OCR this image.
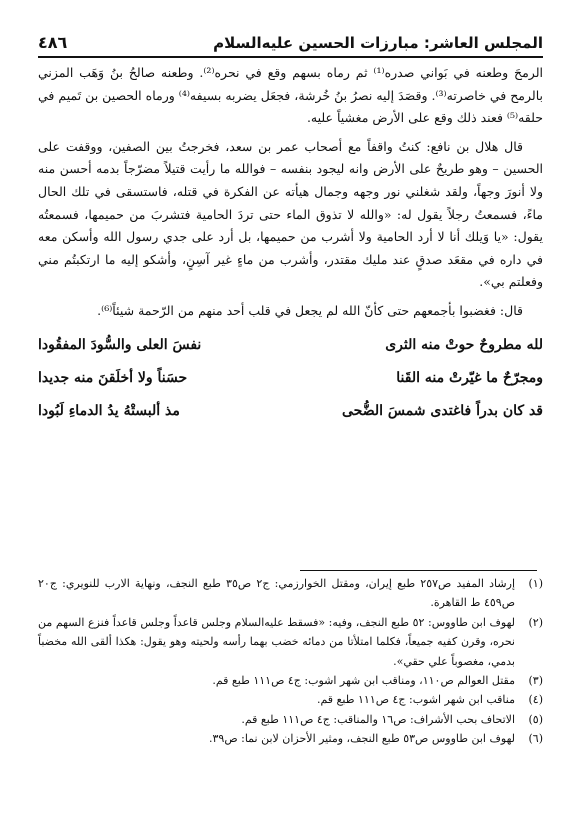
المجلس العاشر: مبارزات الحسين عليه‌السلام
٤٨٦

الرمحَ وطعنه في بَواني صدره⁽¹⁾ ثم رماه بسهم وقع في نحره⁽²⁾. وطعنه صالحُ بنُ وَهَب المزني بالرمح في خاصرته⁽³⁾. وقصَدَ إليه نصرُ بنُ خُرشة، فجعَل يضربه بسيفه⁽⁴⁾ ورماه الحصين بن تَميم في حلقه⁽⁵⁾ فعند ذلك وقع على الأرض مغشياً عليه.

قال هلال بن نافع: كنتُ واقفاً مع أصحاب عمر بن سعد، فخرجتُ بين الصفين، ووقفت على الحسين – وهو طريحٌ على الأرض وانه ليجود بنفسه – فوالله ما رأيت قتيلاً مضرّجاً بدمه أحسن منه ولا أنورَ وجهاً، ولقد شغلني نور وجهه وجمال هيأته عن الفكرة في قتله، فاستسقى في تلك الحال ماءً، فسمعتُ رجلاً يقول له: «والله لا تذوق الماء حتى تردَ الحامية فتشربَ من حميمها، فسمعتُه يقول: «يا وَيلك أنا لا أرد الحامية ولا أشرب من حميمها، بل أرد على جدي رسول الله وأسكن معه في داره في مقعَد صدقٍ عند مليك مقتدر، وأشرب من ماءٍ غير آسِنٍ، وأشكو إليه ما ارتكبتُم مني وفعلتم بي».

قال: فغضبوا بأجمعهم حتى كأنّ الله لم يجعل في قلب أحد منهم من الرّحمة شيئاً⁽⁶⁾.

لله مطروحٌ حوتْ منه الثرى
نفسَ العلى والسُّودَ المفقُودا
ومجرّحٌ ما غيّرتْ منه القَنا
حسَناً ولا أخلَقنَ منه جديدا
قد كان بدراً فاغتدى شمسَ الضُّحى
مذ ألبستْهُ يدُ الدماءِ لَبُودا
(١)
إرشاد المفيد ص٢٥٧ طبع إيران، ومقتل الخوارزمي: ج٢ ص٣٥ طبع النجف، ونهاية الارب للنويري: ج٢٠ ص٤٥٩ ط القاهرة.
(٢)
لهوف ابن طاووس: ٥٢ طبع النجف، وفيه: «فسقط عليه‌السلام وجلس قاعداً وجلس قاعداً فنزع السهم من نحره، وقرن كفيه جميعاً، فكلما امتلأتا من دمائه خضب بهما رأسه ولحيته وهو يقول: هكذا ألقى الله مخضباً بدمي، مغصوباً علي حقي».
(٣)
مقتل العوالم ص١١٠، ومناقب ابن شهر اشوب: ج٤ ص١١١ طبع قم.
(٤)
مناقب ابن شهر اشوب: ج٤ ص١١١ طبع قم.
(٥)
الاتحاف بحب الأشراف: ص١٦ والمناقب: ج٤ ص١١١ طبع قم.
(٦)
لهوف ابن طاووس ص٥٣ طبع النجف، ومثير الأحزان لابن نما: ص٣٩.
